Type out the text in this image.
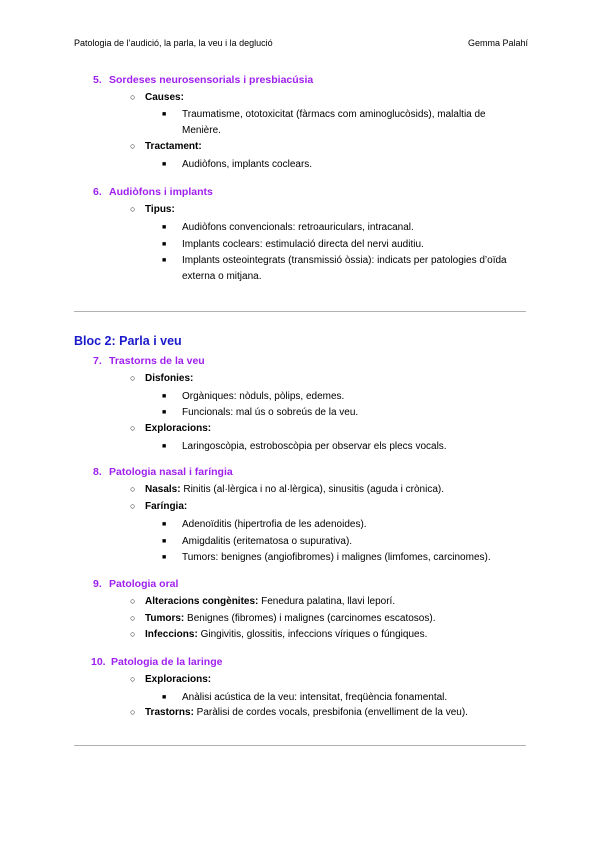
Patologia de l’audició, la parla, la veu i la deglució	Gemma Palahí
5. Sordeses neurosensorials i presbiacúsia
○ Causes:
■ Traumatisme, ototoxicitat (fàrmacs com aminoglucòsids), malaltia de Menière.
○ Tractament:
■ Audiòfons, implants coclears.
6. Audiòfons i implants
○ Tipus:
■ Audiòfons convencionals: retroauriculars, intracanal.
■ Implants coclears: estimulació directa del nervi auditiu.
■ Implants osteointegrats (transmissió òssia): indicats per patologies d’oïda externa o mitjana.
Bloc 2: Parla i veu
7. Trastorns de la veu
○ Disfonies:
■ Orgàniques: nòduls, pòlips, edemes.
■ Funcionals: mal ús o sobreús de la veu.
○ Exploracions:
■ Laringoscòpia, estroboscòpia per observar els plecs vocals.
8. Patologia nasal i faríngia
○ Nasals: Rinitis (al·lèrgica i no al·lèrgica), sinusitis (aguda i crònica).
○ Faríngia:
■ Adenoïditis (hipertrofia de les adenoides).
■ Amigdalitis (eritematosa o supurativa).
■ Tumors: benignes (angiofibromes) i malignes (limfomes, carcinomes).
9. Patologia oral
○ Alteracions congènites: Fenedura palatina, llavi leporí.
○ Tumors: Benignes (fibromes) i malignes (carcinomes escatosos).
○ Infeccions: Gingivitis, glossitis, infeccions víriques o fúngiques.
10. Patologia de la laringe
○ Exploracions:
■ Anàlisi acústica de la veu: intensitat, freqüència fonamental.
○ Trastorns: Paràlisi de cordes vocals, presbifonia (envelliment de la veu).
